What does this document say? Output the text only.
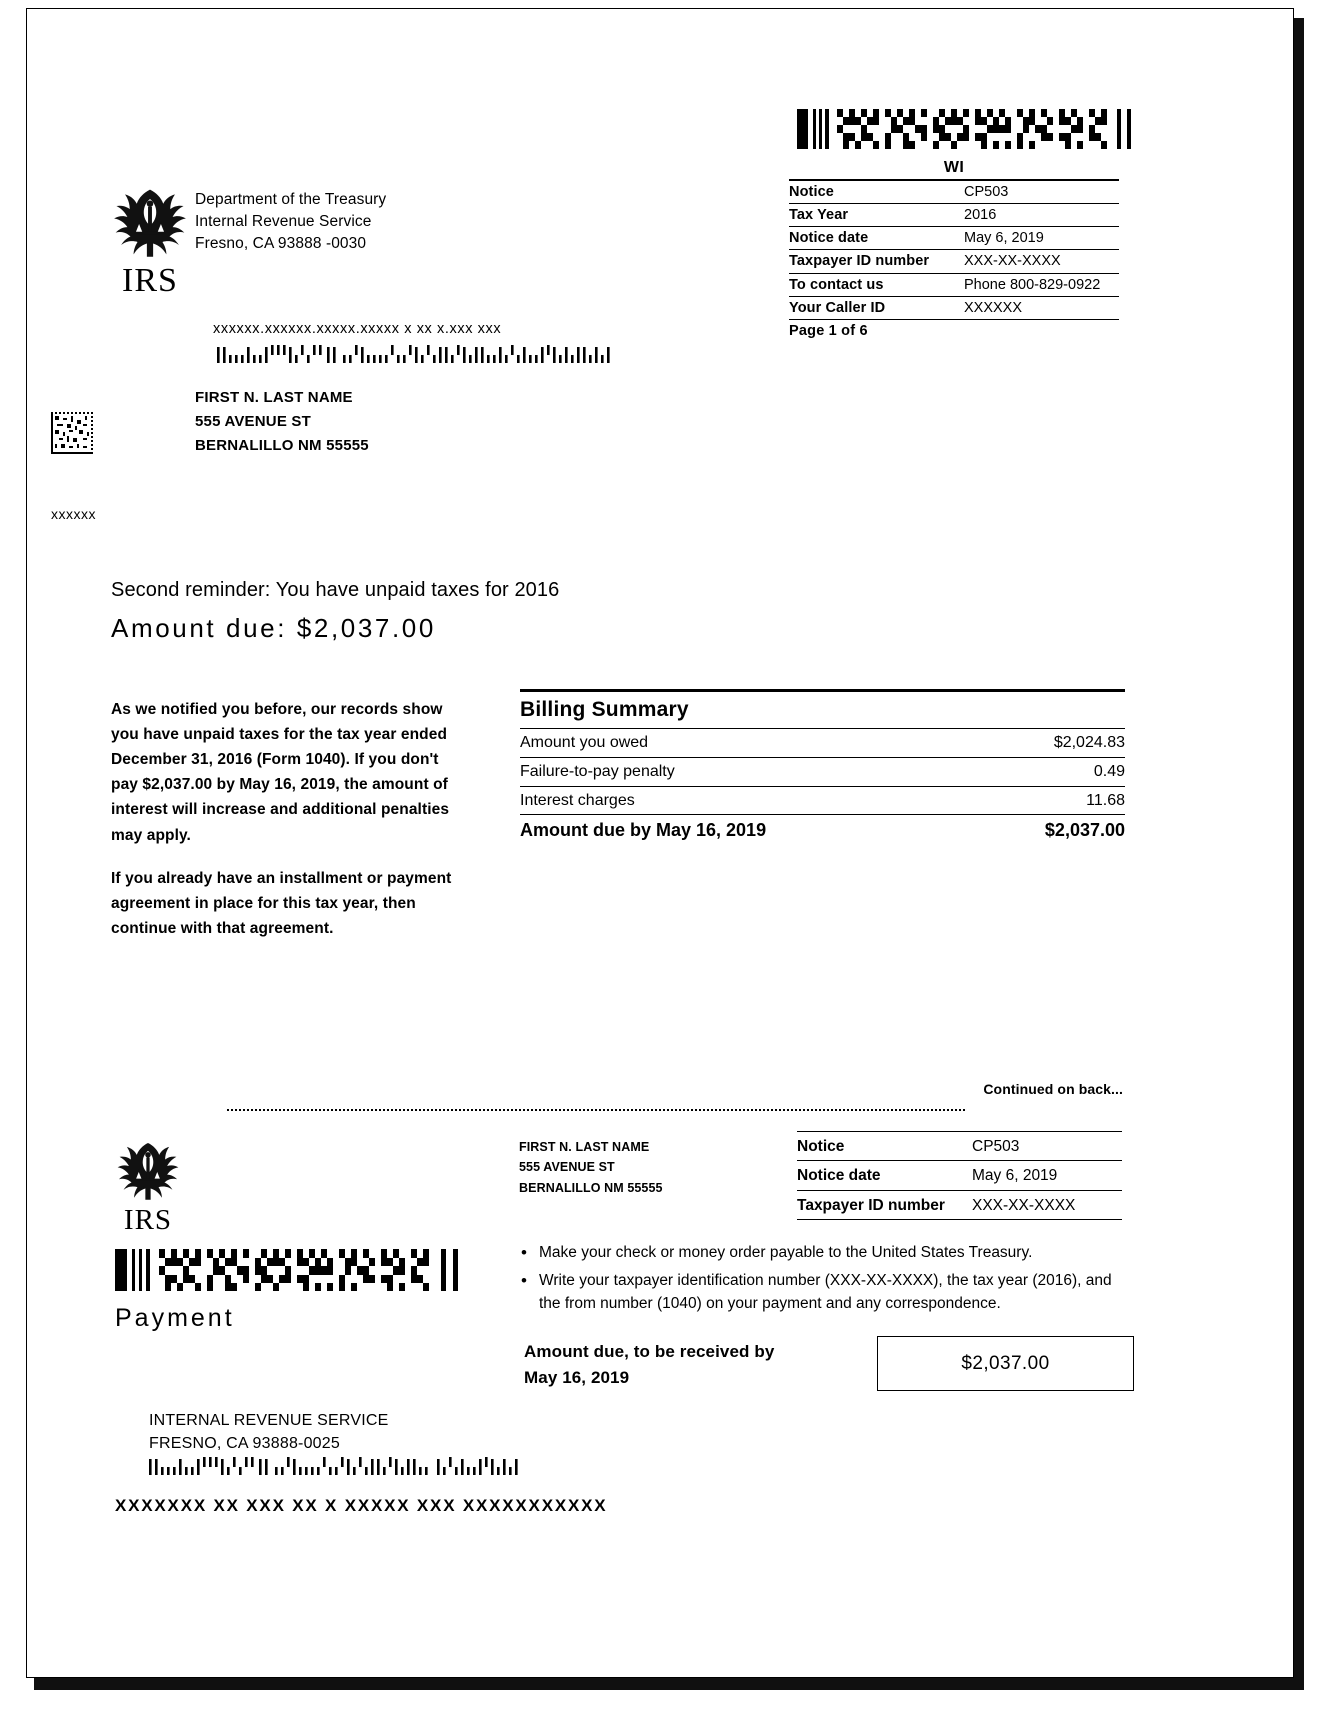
WI
Notice	CP503
Tax Year	2016
Notice date	May 6, 2019
Taxpayer ID number	XXX-XX-XXXX
To contact us	Phone 800-829-0922
Your Caller ID	XXXXXX
Page 1 of 6
IRS
Department of the Treasury
Internal Revenue Service
Fresno, CA 93888 -0030
xxxxxx.xxxxxx.xxxxx.xxxxx x xx x.xxx xxx
FIRST N. LAST NAME
555 AVENUE ST
BERNALILLO NM 55555
xxxxxx
Second reminder: You have unpaid taxes for 2016
Amount due: $2,037.00

As we notified you before, our records show you have unpaid taxes for the tax year ended December 31, 2016 (Form 1040). If you don't pay $2,037.00 by May 16, 2019, the amount of interest will increase and additional penalties may apply.

If you already have an installment or payment agreement in place for this tax year, then continue with that agreement.

Billing Summary
Amount you owed	$2,024.83
Failure-to-pay penalty	0.49
Interest charges	11.68
Amount due by May 16, 2019	$2,037.00
Continued on back...
IRS
Payment
FIRST N. LAST NAME
555 AVENUE ST
BERNALILLO NM 55555
Notice	CP503
Notice date	May 6, 2019
Taxpayer ID number	XXX-XX-XXXX
• Make your check or money order payable to the United States Treasury.
• Write your taxpayer identification number (XXX-XX-XXXX), the tax year (2016), and the from number (1040) on your payment and any correspondence.
Amount due, to be received by
May 16, 2019
$2,037.00
INTERNAL REVENUE SERVICE
FRESNO, CA 93888-0025
XXXXXXX XX XXX XX X XXXXX XXX XXXXXXXXXXX
